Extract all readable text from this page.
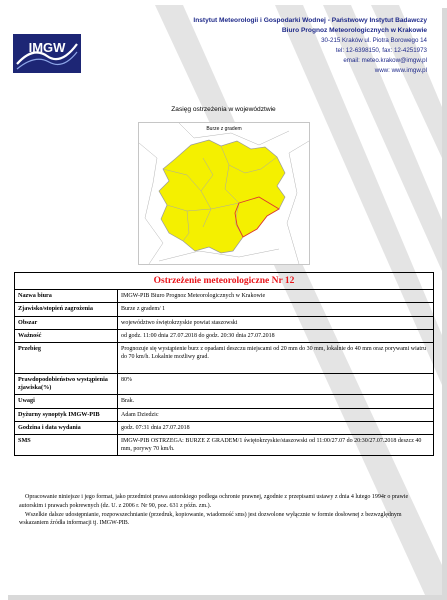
IMGW
Instytut Meteorologii i Gospodarki Wodnej - Państwowy Instytut Badawczy
Biuro Prognoz Meteorologicznych w Krakowie
30-215 Kraków ul. Piotra Borowego 14
tel: 12-6398150, fax: 12-4251973
email: meteo.krakow@imgw.pl
www: www.imgw.pl
Zasięg ostrzeżenia w województwie
Burze z gradem
Ostrzeżenie meteorologiczne Nr 12	
Nazwa biura	IMGW-PIB Biuro Prognoz Meteorologicznych w Krakowie
Zjawisko/stopień zagrożenia	Burze z gradem/ 1
Obszar	województwo świętokrzyskie powiat staszowski
Ważność	od godz. 11:00 dnia 27.07.2018 do godz. 20:30 dnia 27.07.2018
Przebieg	Prognozuje się wystąpienie burz z opadami deszczu miejscami od 20 mm do 30 mm, lokalnie do 40 mm oraz porywami wiatru do 70 km/h. Lokalnie możliwy grad.
Prawdopodobieństwo wystąpienia zjawiska(%)	80%
Uwagi	Brak.
Dyżurny synoptyk IMGW-PIB	Adam Dziedzic
Godzina i data wydania	godz. 07:31 dnia 27.07.2018
SMS	IMGW-PIB OSTRZEGA: BURZE Z GRADEM/1 świętokrzyskie/staszowski od 11:00/27.07 do 20:30/27.07.2018 deszcz 40 mm, porywy 70 km/h.
Opracowanie niniejsze i jego format, jako przedmiot prawa autorskiego podlega ochronie prawnej, zgodnie z przepisami ustawy z dnia 4 lutego 1994r o prawie autorskim i prawach pokrewnych (dz. U. z 2006 r. Nr 90, poz. 631 z późn. zm.).
Wszelkie dalsze udostępnianie, rozpowszechnianie (przedruk, kopiowanie, wiadomość sms) jest dozwolone wyłącznie w formie dosłownej z bezwzględnym wskazaniem źródła informacji tj. IMGW-PIB.
